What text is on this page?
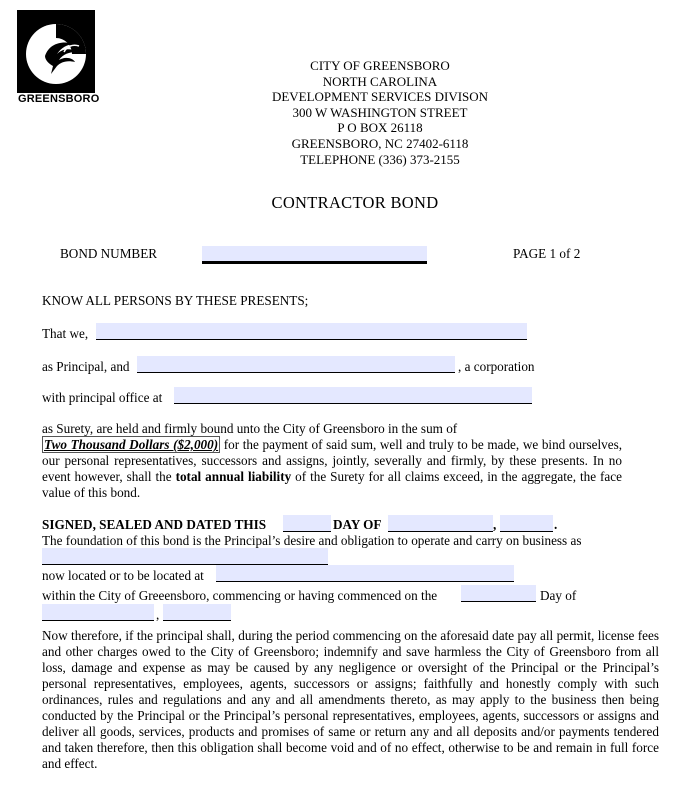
GREENSBORO
CITY OF GREENSBORO
NORTH CAROLINA
DEVELOPMENT SERVICES DIVISON
300 W WASHINGTON STREET
P O BOX 26118
GREENSBORO, NC 27402-6118
TELEPHONE (336) 373-2155
CONTRACTOR BOND
BOND NUMBER	PAGE 1 of 2
KNOW ALL PERSONS BY THESE PRESENTS;
That we,
as Principal, and	, a corporation
with principal office at
as Surety, are held and firmly bound unto the City of Greensboro in the sum of
Two Thousand Dollars ($2,000) for the payment of said sum, well and truly to be made, we bind ourselves, our personal representatives, successors and assigns, jointly, severally and firmly, by these presents. In no event however, shall the total annual liability of the Surety for all claims exceed, in the aggregate, the face value of this bond.
SIGNED, SEALED AND DATED THIS	DAY OF	,	.
The foundation of this bond is the Principal’s desire and obligation to operate and carry on business as
now located or to be located at
within the City of Greeensboro, commencing or having commenced on the	Day of
,
Now therefore, if the principal shall, during the period commencing on the aforesaid date pay all permit, license fees and other charges owed to the City of Greensboro; indemnify and save harmless the City of Greensboro from all loss, damage and expense as may be caused by any negligence or oversight of the Principal or the Principal’s personal representatives, employees, agents, successors or assigns; faithfully and honestly comply with such ordinances, rules and regulations and any and all amendments thereto, as may apply to the business then being conducted by the Principal or the Principal’s personal representatives, employees, agents, successors or assigns and deliver all goods, services, products and promises of same or return any and all deposits and/or payments tendered and taken therefore, then this obligation shall become void and of no effect, otherwise to be and remain in full force and effect.
